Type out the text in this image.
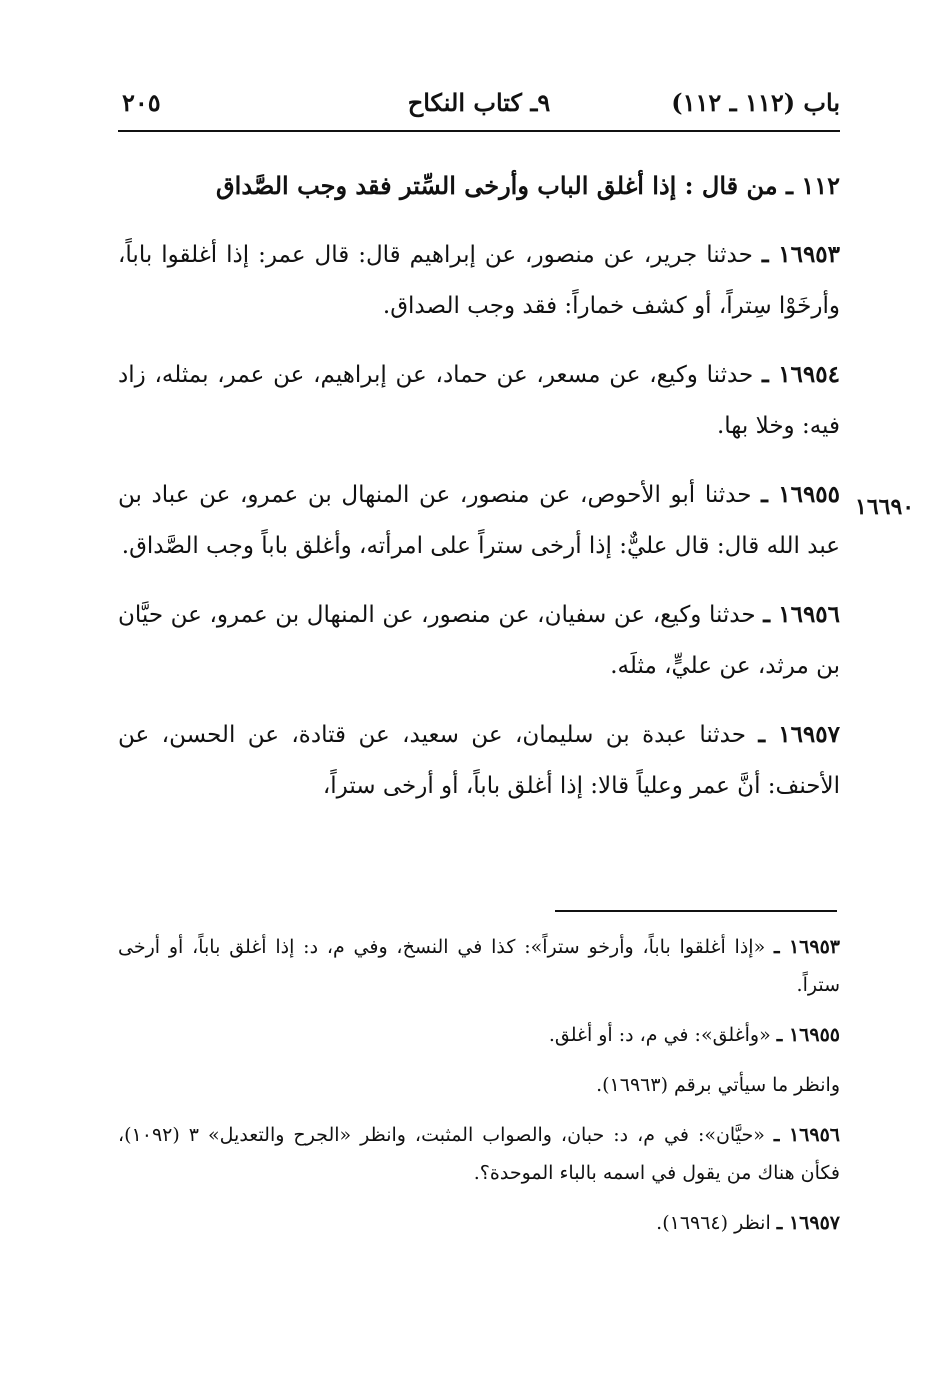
باب (١١٢ ـ ١١٢)
٩ـ كتاب النكاح
٢٠٥
١٦٦٩٠
١١٢ ـ من قال : إذا أغلق الباب وأرخى السِّتر فقد وجب الصَّداق

١٦٩٥٣ ـ حدثنا جرير، عن منصور، عن إبراهيم قال: قال عمر: إذا أغلقوا باباً، وأرخَوْا سِتراً، أو كشف خماراً: فقد وجب الصداق.

١٦٩٥٤ ـ حدثنا وكيع، عن مسعر، عن حماد، عن إبراهيم، عن عمر، بمثله، زاد فيه: وخلا بها.

١٦٩٥٥ ـ حدثنا أبو الأحوص، عن منصور، عن المنهال بن عمرو، عن عباد بن عبد الله قال: قال عليٌّ: إذا أرخى ستراً على امرأته، وأغلق باباً وجب الصَّداق.

١٦٩٥٦ ـ حدثنا وكيع، عن سفيان، عن منصور، عن المنهال بن عمرو، عن حيَّان بن مرثد، عن عليٍّ، مثلَه.

١٦٩٥٧ ـ حدثنا عبدة بن سليمان، عن سعيد، عن قتادة، عن الحسن، عن الأحنف: أنَّ عمر وعلياً قالا: إذا أغلق باباً، أو أرخى ستراً،

١٦٩٥٣ ـ «إذا أغلقوا باباً، وأرخو ستراً»: كذا في النسخ، وفي م، د: إذا أغلق باباً، أو أرخى ستراً.

١٦٩٥٥ ـ «وأغلق»: في م، د: أو أغلق.

وانظر ما سيأتي برقم (١٦٩٦٣).

١٦٩٥٦ ـ «حيَّان»: في م، د: حبان، والصواب المثبت، وانظر «الجرح والتعديل» ٣ (١٠٩٢)، فكأن هناك من يقول في اسمه بالباء الموحدة؟.

١٦٩٥٧ ـ انظر (١٦٩٦٤).
